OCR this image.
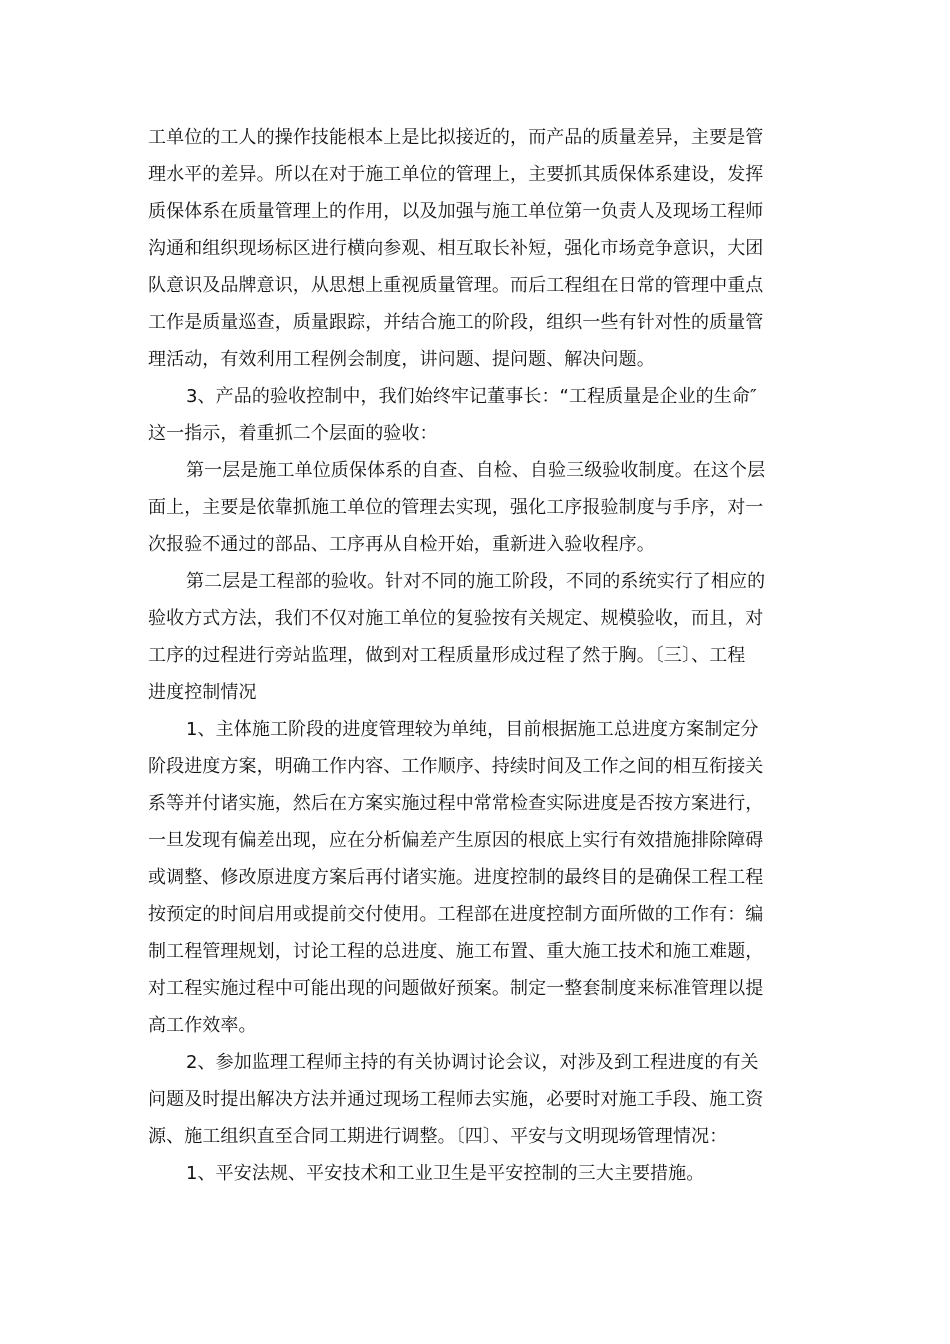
工单位的工人的操作技能根本上是比拟接近的，而产品的质量差异，主要是管
理水平的差异。所以在对于施工单位的管理上，主要抓其质保体系建设，发挥
质保体系在质量管理上的作用，以及加强与施工单位第一负责人及现场工程师
沟通和组织现场标区进行横向参观、相互取长补短，强化市场竞争意识，大团
队意识及品牌意识，从思想上重视质量管理。而后工程组在日常的管理中重点
工作是质量巡查，质量跟踪，并结合施工的阶段，组织一些有针对性的质量管
理活动，有效利用工程例会制度，讲问题、提问题、解决问题。
3、产品的验收控制中，我们始终牢记董事长：“工程质量是企业的生命″
这一指示，着重抓二个层面的验收：
第一层是施工单位质保体系的自查、自检、自验三级验收制度。在这个层
面上，主要是依靠抓施工单位的管理去实现，强化工序报验制度与手序，对一
次报验不通过的部品、工序再从自检开始，重新进入验收程序。
第二层是工程部的验收。针对不同的施工阶段，不同的系统实行了相应的
验收方式方法，我们不仅对施工单位的复验按有关规定、规模验收，而且，对
工序的过程进行旁站监理，做到对工程质量形成过程了然于胸。〔三〕、工程
进度控制情况
1、主体施工阶段的进度管理较为单纯，目前根据施工总进度方案制定分
阶段进度方案，明确工作内容、工作顺序、持续时间及工作之间的相互衔接关
系等并付诸实施，然后在方案实施过程中常常检查实际进度是否按方案进行，
一旦发现有偏差出现，应在分析偏差产生原因的根底上实行有效措施排除障碍
或调整、修改原进度方案后再付诸实施。进度控制的最终目的是确保工程工程
按预定的时间启用或提前交付使用。工程部在进度控制方面所做的工作有：编
制工程管理规划，讨论工程的总进度、施工布置、重大施工技术和施工难题，
对工程实施过程中可能出现的问题做好预案。制定一整套制度来标准管理以提
高工作效率。
2、参加监理工程师主持的有关协调讨论会议，对涉及到工程进度的有关
问题及时提出解决方法并通过现场工程师去实施，必要时对施工手段、施工资
源、施工组织直至合同工期进行调整。〔四〕、平安与文明现场管理情况：
1、平安法规、平安技术和工业卫生是平安控制的三大主要措施。
